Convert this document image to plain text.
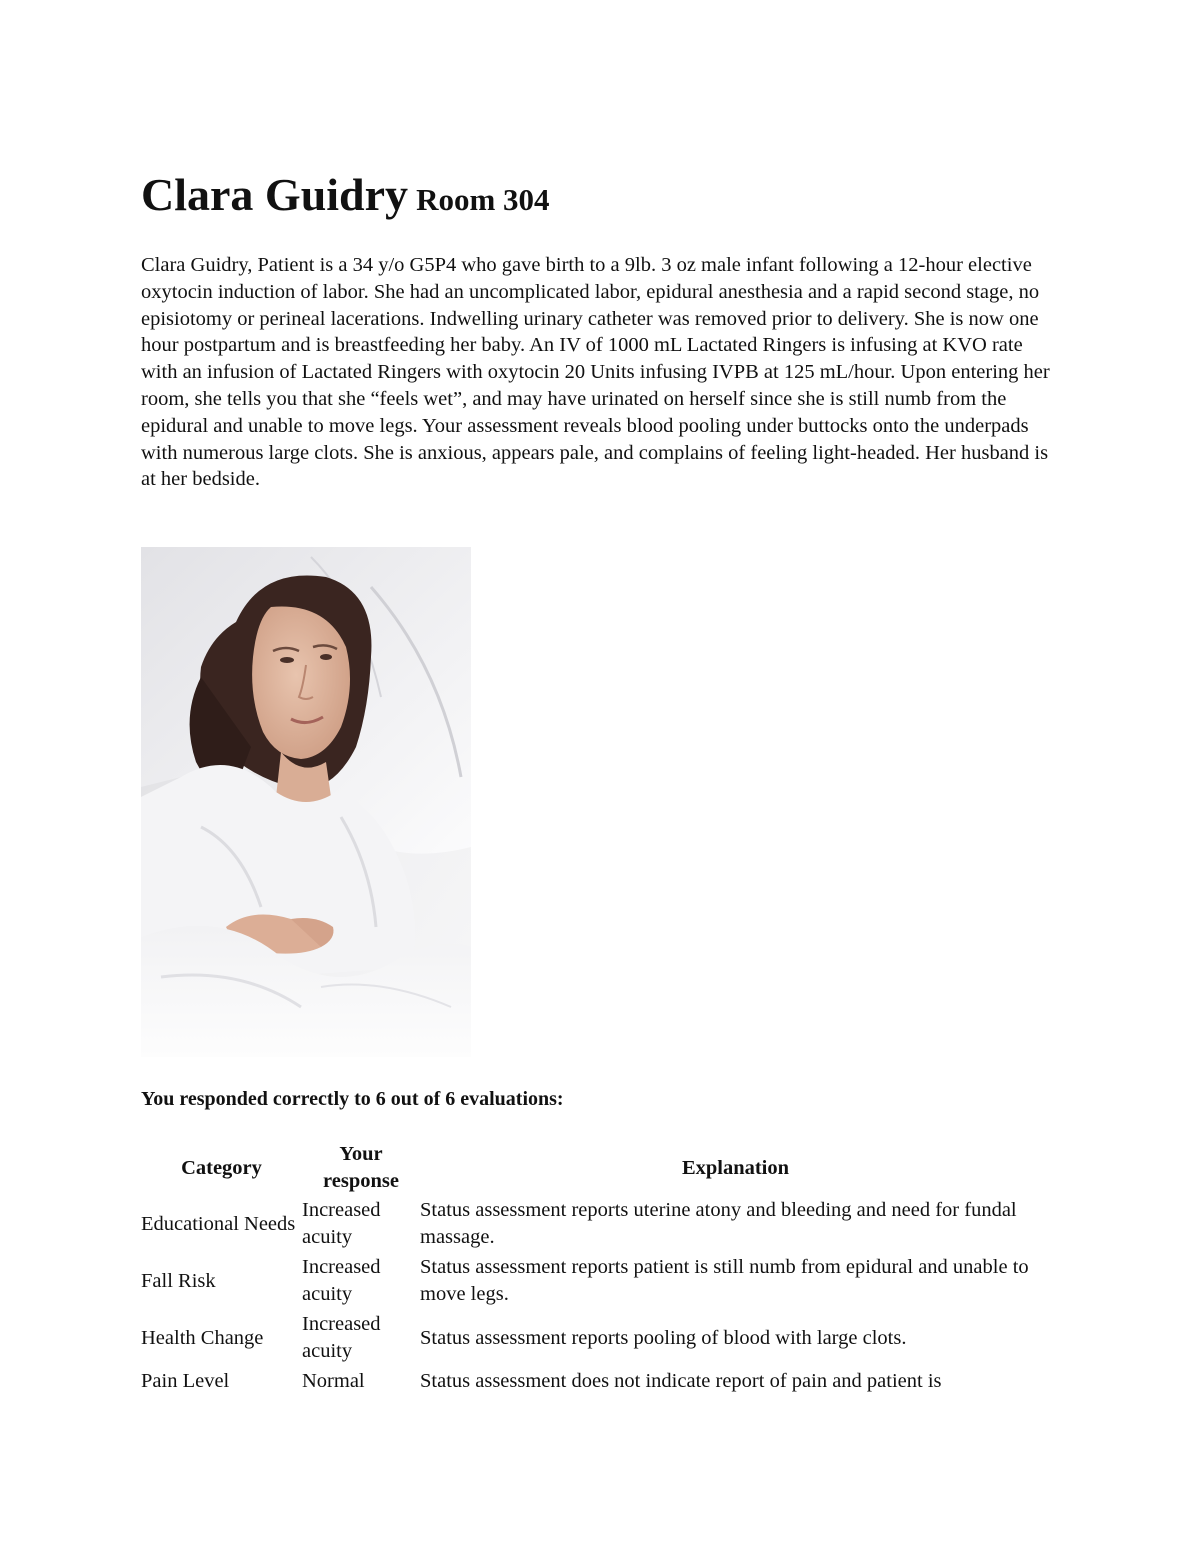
Clara Guidry Room 304

Clara Guidry, Patient is a 34 y/o G5P4 who gave birth to a 9lb. 3 oz male infant following a 12-hour elective oxytocin induction of labor. She had an uncomplicated labor, epidural anesthesia and a rapid second stage, no episiotomy or perineal lacerations. Indwelling urinary catheter was removed prior to delivery. She is now one hour postpartum and is breastfeeding her baby. An IV of 1000 mL Lactated Ringers is infusing at KVO rate with an infusion of Lactated Ringers with oxytocin 20 Units infusing IVPB at 125 mL/hour. Upon entering her room, she tells you that she “feels wet”, and may have urinated on herself since she is still numb from the epidural and unable to move legs. Your assessment reveals blood pooling under buttocks onto the underpads with numerous large clots. She is anxious, appears pale, and complains of feeling light-headed. Her husband is at her bedside.

You responded correctly to 6 out of 6 evaluations:

Category	Your response	Explanation
Educational Needs	Increased acuity	Status assessment reports uterine atony and bleeding and need for fundal massage.
Fall Risk	Increased acuity	Status assessment reports patient is still numb from epidural and unable to move legs.
Health Change	Increased acuity	Status assessment reports pooling of blood with large clots.
Pain Level	Normal	Status assessment does not indicate report of pain and patient is
